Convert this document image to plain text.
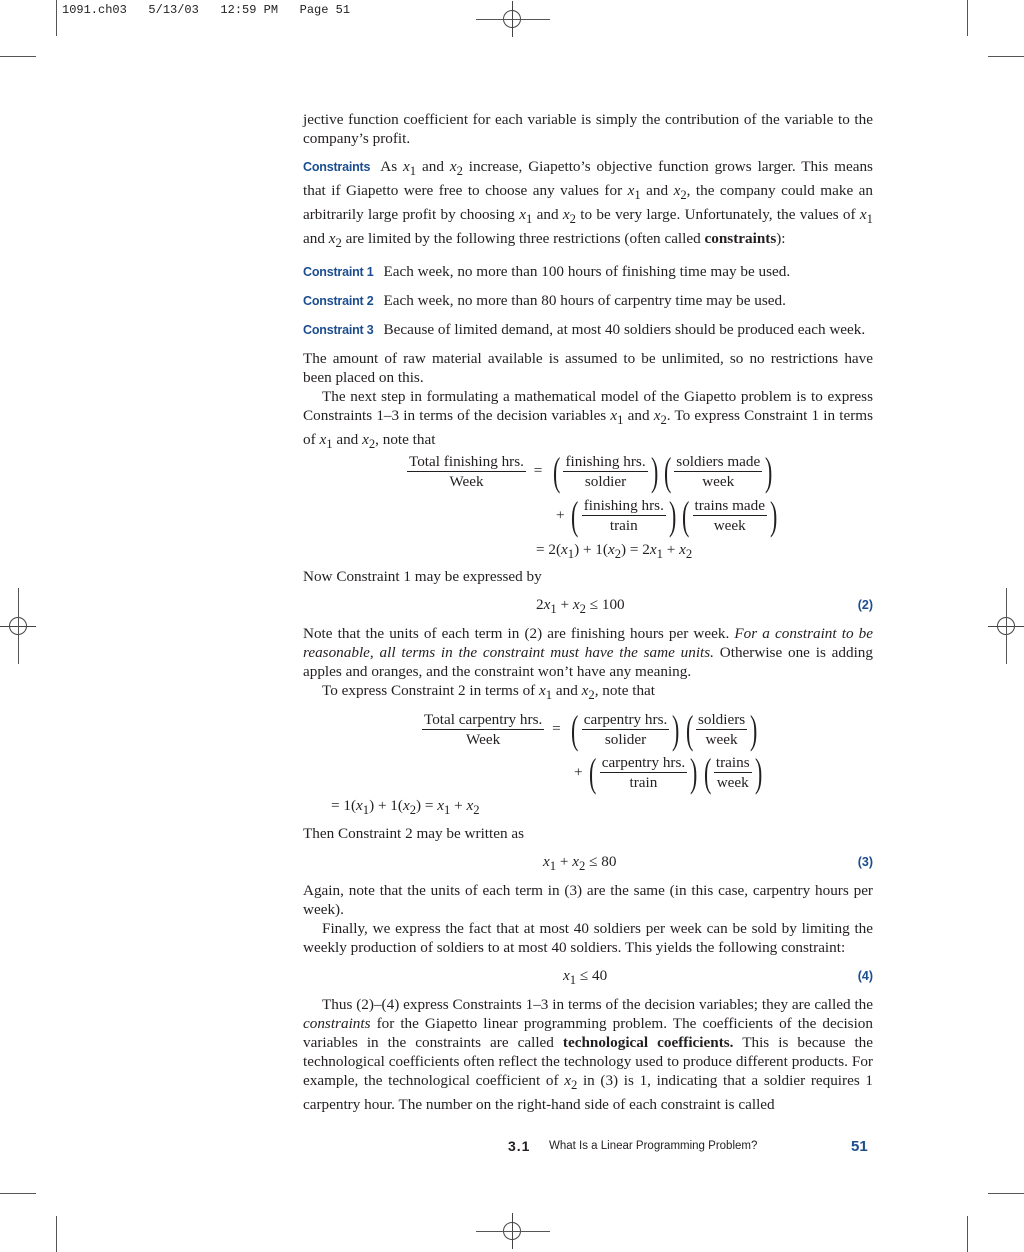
1091.ch03   5/13/03   12:59 PM   Page 51

jective function coefficient for each variable is simply the contribution of the variable to the company’s profit.

Constraints As $x_1$ and $x_2$ increase, Giapetto’s objective function grows larger. This means that if Giapetto were free to choose any values for $x_1$ and $x_2$, the company could make an arbitrarily large profit by choosing $x_1$ and $x_2$ to be very large. Unfortunately, the values of $x_1$ and $x_2$ are limited by the following three restrictions (often called constraints):

Constraint 1 Each week, no more than 100 hours of finishing time may be used.

Constraint 2 Each week, no more than 80 hours of carpentry time may be used.

Constraint 3 Because of limited demand, at most 40 soldiers should be produced each week.

The amount of raw material available is assumed to be unlimited, so no restrictions have been placed on this.

The next step in formulating a mathematical model of the Giapetto problem is to express Constraints 1–3 in terms of the decision variables $x_1$ and $x_2$. To express Constraint 1 in terms of $x_1$ and $x_2$, note that

$\frac{\text{Total finishing hrs.}}{\text{Week}}$ = ( $\frac{\text{finishing hrs.}}{\text{soldier}}$ ) ( $\frac{\text{soldiers made}}{\text{week}}$ )
+ ( $\frac{\text{finishing hrs.}}{\text{train}}$ ) ( $\frac{\text{trains made}}{\text{week}}$ )
= $2(x_1) + 1(x_2) = 2x_1 + x_2$

Now Constraint 1 may be expressed by

$2x_1 + x_2 \le 100$	(2)

Note that the units of each term in (2) are finishing hours per week. For a constraint to be reasonable, all terms in the constraint must have the same units. Otherwise one is adding apples and oranges, and the constraint won’t have any meaning.

To express Constraint 2 in terms of $x_1$ and $x_2$, note that

$\frac{\text{Total carpentry hrs.}}{\text{Week}}$ = ( $\frac{\text{carpentry hrs.}}{\text{solider}}$ ) ( $\frac{\text{soldiers}}{\text{week}}$ )
+ ( $\frac{\text{carpentry hrs.}}{\text{train}}$ ) ( $\frac{\text{trains}}{\text{week}}$ )
= $1(x_1) + 1(x_2) = x_1 + x_2$

Then Constraint 2 may be written as

$x_1 + x_2 \le 80$	(3)

Again, note that the units of each term in (3) are the same (in this case, carpentry hours per week).

Finally, we express the fact that at most 40 soldiers per week can be sold by limiting the weekly production of soldiers to at most 40 soldiers. This yields the following constraint:

$x_1 \le 40$	(4)

Thus (2)–(4) express Constraints 1–3 in terms of the decision variables; they are called the constraints for the Giapetto linear programming problem. The coefficients of the decision variables in the constraints are called technological coefficients. This is because the technological coefficients often reflect the technology used to produce different products. For example, the technological coefficient of $x_2$ in (3) is 1, indicating that a soldier requires 1 carpentry hour. The number on the right-hand side of each constraint is called

3.1 What Is a Linear Programming Problem?	51
